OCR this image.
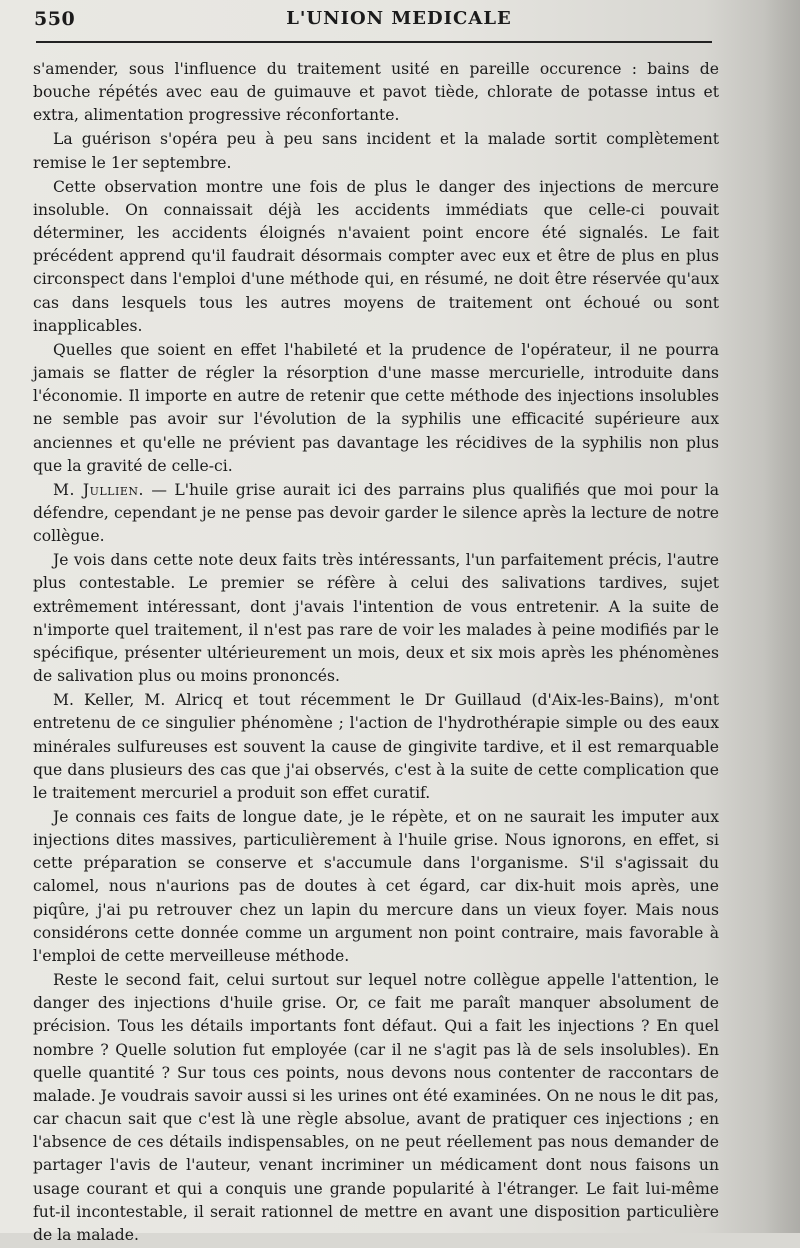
550	L'UNION MEDICALE

s'amender, sous l'influence du traitement usité en pareille occurence : bains de bouche répétés avec eau de guimauve et pavot tiède, chlorate de potasse intus et extra, alimentation progressive réconfortante.

La guérison s'opéra peu à peu sans incident et la malade sortit complètement remise le 1er septembre.

Cette observation montre une fois de plus le danger des injections de mercure insoluble. On connaissait déjà les accidents immédiats que celle-ci pouvait déterminer, les accidents éloignés n'avaient point encore été signalés. Le fait précédent apprend qu'il faudrait désormais compter avec eux et être de plus en plus circonspect dans l'emploi d'une méthode qui, en résumé, ne doit être réservée qu'aux cas dans lesquels tous les autres moyens de traitement ont échoué ou sont inapplicables.

Quelles que soient en effet l'habileté et la prudence de l'opérateur, il ne pourra jamais se flatter de régler la résorption d'une masse mercurielle, introduite dans l'économie. Il importe en autre de retenir que cette méthode des injections insolubles ne semble pas avoir sur l'évolution de la syphilis une efficacité supérieure aux anciennes et qu'elle ne prévient pas davantage les récidives de la syphilis non plus que la gravité de celle-ci.

M. Jullien. — L'huile grise aurait ici des parrains plus qualifiés que moi pour la défendre, cependant je ne pense pas devoir garder le silence après la lecture de notre collègue.

Je vois dans cette note deux faits très intéressants, l'un parfaitement précis, l'autre plus contestable. Le premier se réfère à celui des salivations tardives, sujet extrêmement intéressant, dont j'avais l'intention de vous entretenir. A la suite de n'importe quel traitement, il n'est pas rare de voir les malades à peine modifiés par le spécifique, présenter ultérieurement un mois, deux et six mois après les phénomènes de salivation plus ou moins prononcés.

M. Keller, M. Alricq et tout récemment le Dr Guillaud (d'Aix-les-Bains), m'ont entretenu de ce singulier phénomène ; l'action de l'hydrothérapie simple ou des eaux minérales sulfureuses est souvent la cause de gingivite tardive, et il est remarquable que dans plusieurs des cas que j'ai observés, c'est à la suite de cette complication que le traitement mercuriel a produit son effet curatif.

Je connais ces faits de longue date, je le répète, et on ne saurait les imputer aux injections dites massives, particulièrement à l'huile grise. Nous ignorons, en effet, si cette préparation se conserve et s'accumule dans l'organisme. S'il s'agissait du calomel, nous n'aurions pas de doutes à cet égard, car dix-huit mois après, une piqûre, j'ai pu retrouver chez un lapin du mercure dans un vieux foyer. Mais nous considérons cette donnée comme un argument non point contraire, mais favorable à l'emploi de cette merveilleuse méthode.

Reste le second fait, celui surtout sur lequel notre collègue appelle l'attention, le danger des injections d'huile grise. Or, ce fait me paraît manquer absolument de précision. Tous les détails importants font défaut. Qui a fait les injections ? En quel nombre ? Quelle solution fut employée (car il ne s'agit pas là de sels insolubles). En quelle quantité ? Sur tous ces points, nous devons nous contenter de raccontars de malade. Je voudrais savoir aussi si les urines ont été examinées. On ne nous le dit pas, car chacun sait que c'est là une règle absolue, avant de pratiquer ces injections ; en l'absence de ces détails indispensables, on ne peut réellement pas nous demander de partager l'avis de l'auteur, venant incriminer un médicament dont nous faisons un usage courant et qui a conquis une grande popularité à l'étranger. Le fait lui-même fut-il incontestable, il serait rationnel de mettre en avant une disposition particulière de la malade.
